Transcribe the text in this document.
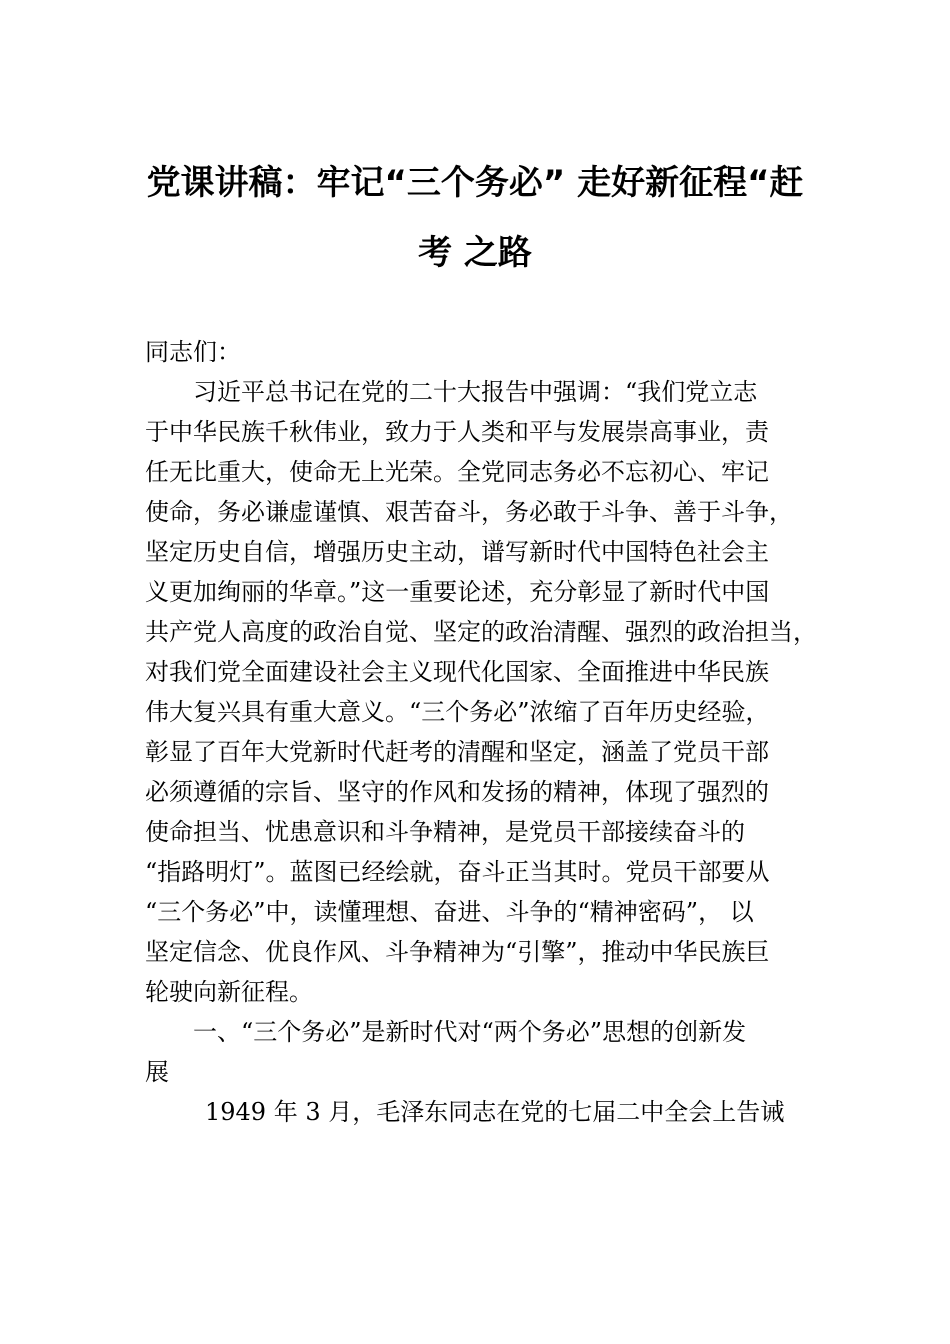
党课讲稿：牢记“三个务必” 走好新征程“赶
考 之路
同志们：
习近平总书记在党的二十大报告中强调：“我们党立志
于中华民族千秋伟业，致力于人类和平与发展崇高事业，责
任无比重大，使命无上光荣。全党同志务必不忘初心、牢记
使命，务必谦虚谨慎、艰苦奋斗，务必敢于斗争、善于斗争，
坚定历史自信，增强历史主动，谱写新时代中国特色社会主
义更加绚丽的华章。”这一重要论述，充分彰显了新时代中国
共产党人高度的政治自觉、坚定的政治清醒、强烈的政治担当，
对我们党全面建设社会主义现代化国家、全面推进中华民族
伟大复兴具有重大意义。“三个务必”浓缩了百年历史经验，
彰显了百年大党新时代赶考的清醒和坚定，涵盖了党员干部
必须遵循的宗旨、坚守的作风和发扬的精神，体现了强烈的
使命担当、忧患意识和斗争精神，是党员干部接续奋斗的
“指路明灯”。蓝图已经绘就，奋斗正当其时。党员干部要从
“三个务必”中，读懂理想、奋进、斗争的“精神密码”， 以
坚定信念、优良作风、斗争精神为“引擎”，推动中华民族巨
轮驶向新征程。
一、“三个务必”是新时代对“两个务必”思想的创新发
展
1949 年 3 月，毛泽东同志在党的七届二中全会上告诫
